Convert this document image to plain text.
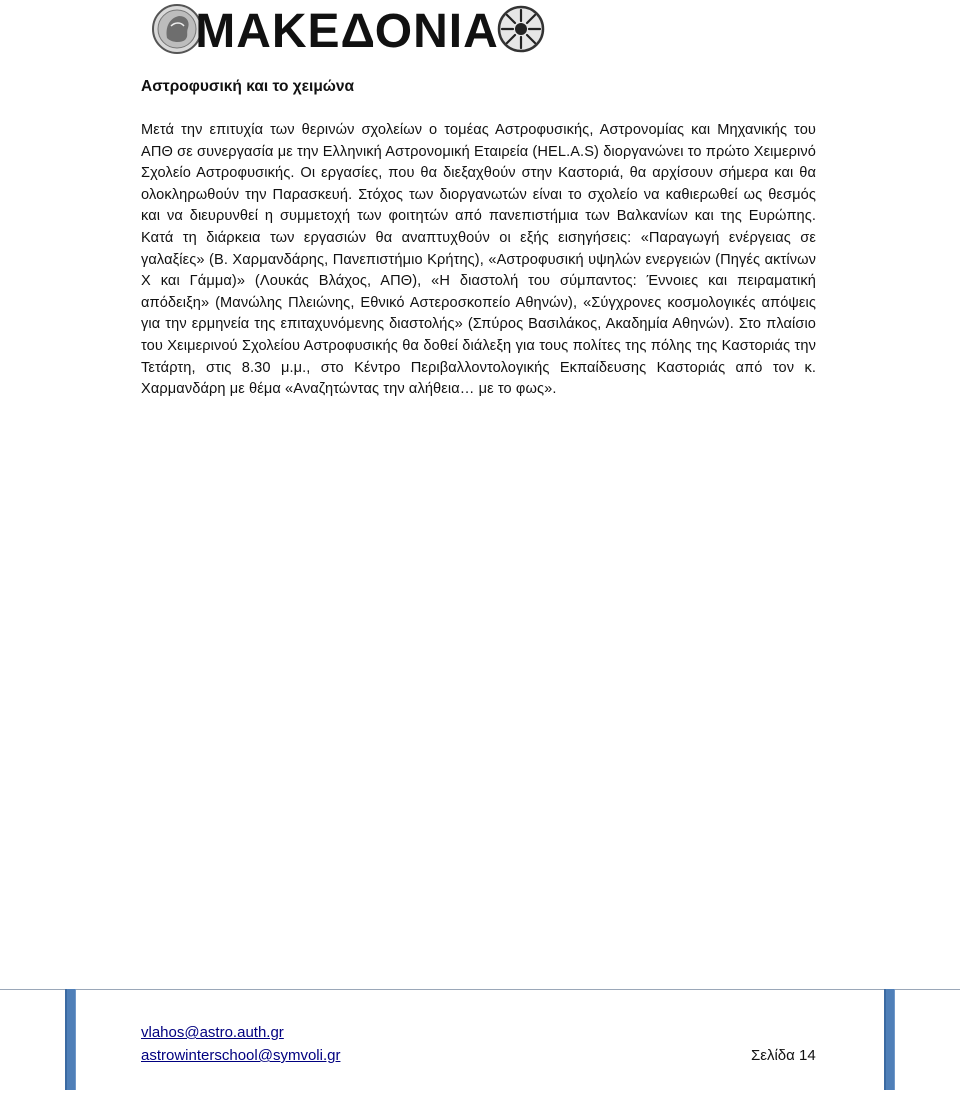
ΜΑΚΕΔΟΝΙΑ
Αστροφυσική και το χειμώνα

Μετά την επιτυχία των θερινών σχολείων ο τομέας Αστροφυσικής, Αστρονομίας και Μηχανικής του ΑΠΘ σε συνεργασία με την Ελληνική Αστρονομική Εταιρεία (HEL.A.S) διοργανώνει το πρώτο Χειμερινό Σχολείο Αστροφυσικής. Οι εργασίες, που θα διεξαχθούν στην Καστοριά, θα αρχίσουν σήμερα και θα ολοκληρωθούν την Παρασκευή. Στόχος των διοργανωτών είναι το σχολείο να καθιερωθεί ως θεσμός και να διευρυνθεί η συμμετοχή των φοιτητών από πανεπιστήμια των Βαλκανίων και της Ευρώπης. Κατά τη διάρκεια των εργασιών θα αναπτυχθούν οι εξής εισηγήσεις: «Παραγωγή ενέργειας σε γαλαξίες» (Β. Χαρμανδάρης, Πανεπιστήμιο Κρήτης), «Αστροφυσική υψηλών ενεργειών (Πηγές ακτίνων Χ και Γάμμα)» (Λουκάς Βλάχος, ΑΠΘ), «Η διαστολή του σύμπαντος: Έννοιες και πειραματική απόδειξη» (Μανώλης Πλειώνης, Εθνικό Αστεροσκοπείο Αθηνών), «Σύγχρονες κοσμολογικές απόψεις για την ερμηνεία της επιταχυνόμενης διαστολής» (Σπύρος Βασιλάκος, Ακαδημία Αθηνών). Στο πλαίσιο του Χειμερινού Σχολείου Αστροφυσικής θα δοθεί διάλεξη για τους πολίτες της πόλης της Καστοριάς την Τετάρτη, στις 8.30 μ.μ., στο Κέντρο Περιβαλλοντολογικής Εκπαίδευσης Καστοριάς από τον κ. Χαρμανδάρη με θέμα «Αναζητώντας την αλήθεια… με το φως».

vlahos@astro.auth.gr
astrowinterschool@symvoli.gr	Σελίδα 14
